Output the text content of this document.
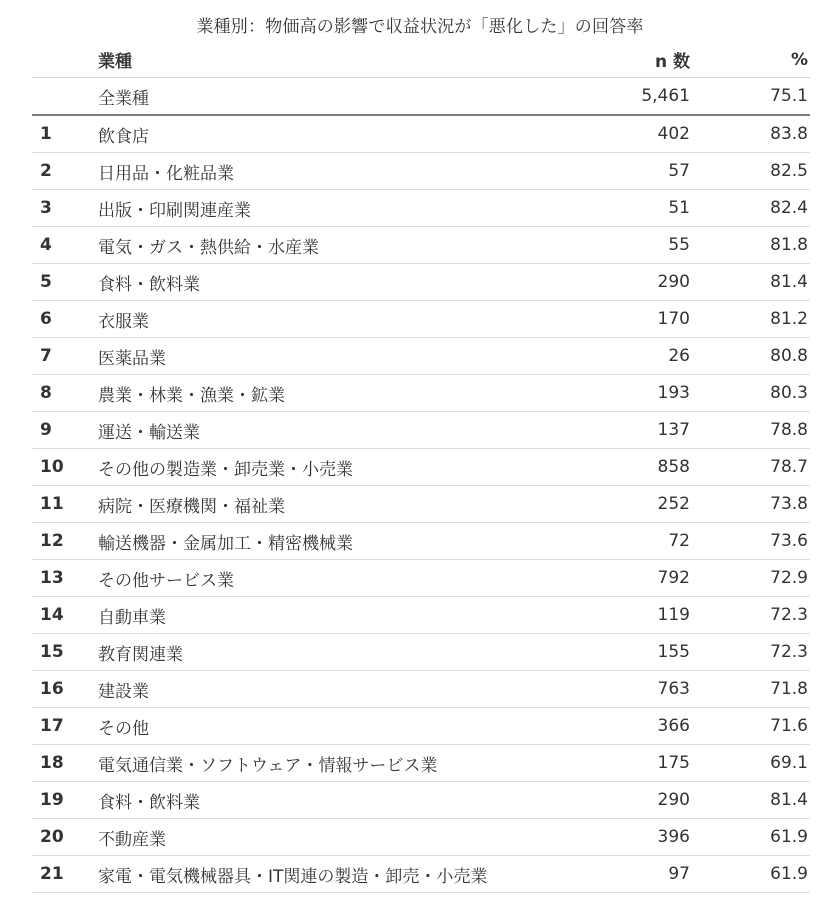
業種別：物価高の影響で収益状況が「悪化した」の回答率
	業種	n 数	%
	全業種	5,461	75.1
1	飲食店	402	83.8
2	日用品・化粧品業	57	82.5
3	出版・印刷関連産業	51	82.4
4	電気・ガス・熱供給・水産業	55	81.8
5	食料・飲料業	290	81.4
6	衣服業	170	81.2
7	医薬品業	26	80.8
8	農業・林業・漁業・鉱業	193	80.3
9	運送・輸送業	137	78.8
10	その他の製造業・卸売業・小売業	858	78.7
11	病院・医療機関・福祉業	252	73.8
12	輸送機器・金属加工・精密機械業	72	73.6
13	その他サービス業	792	72.9
14	自動車業	119	72.3
15	教育関連業	155	72.3
16	建設業	763	71.8
17	その他	366	71.6
18	電気通信業・ソフトウェア・情報サービス業	175	69.1
19	食料・飲料業	290	81.4
20	不動産業	396	61.9
21	家電・電気機械器具・IT関連の製造・卸売・小売業	97	61.9
